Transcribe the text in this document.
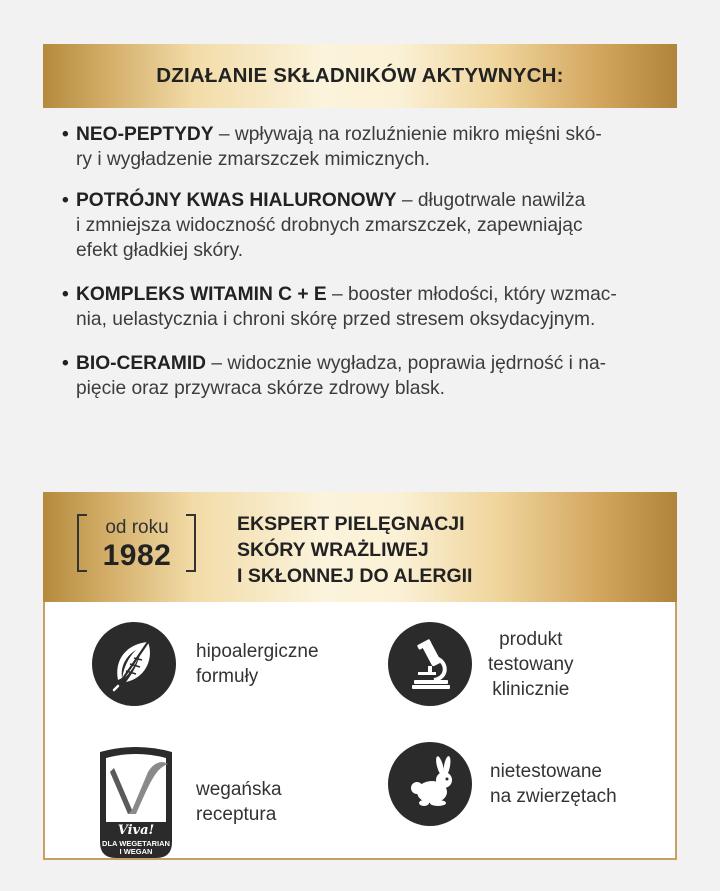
DZIAŁANIE SKŁADNIKÓW AKTYWNYCH:
• NEO-PEPTYDY – wpływają na rozluźnienie mikro mięśni skó-
ry i wygładzenie zmarszczek mimicznych.
• POTRÓJNY KWAS HIALURONOWY – długotrwale nawilża
i zmniejsza widoczność drobnych zmarszczek, zapewniając
efekt gładkiej skóry.
• KOMPLEKS WITAMIN C + E – booster młodości, który wzmac-
nia, uelastycznia i chroni skórę przed stresem oksydacyjnym.
• BIO-CERAMID – widocznie wygładza, poprawia jędrność i na-
pięcie oraz przywraca skórze zdrowy blask.
od roku
1982
EKSPERT PIELĘGNACJI
SKÓRY WRAŻLIWEJ
I SKŁONNEJ DO ALERGII
hipoalergiczne
formuły
produkt
testowany
klinicznie
Viva!
DLA WEGETARIAN
I WEGAN
wegańska
receptura
nietestowane
na zwierzętach
